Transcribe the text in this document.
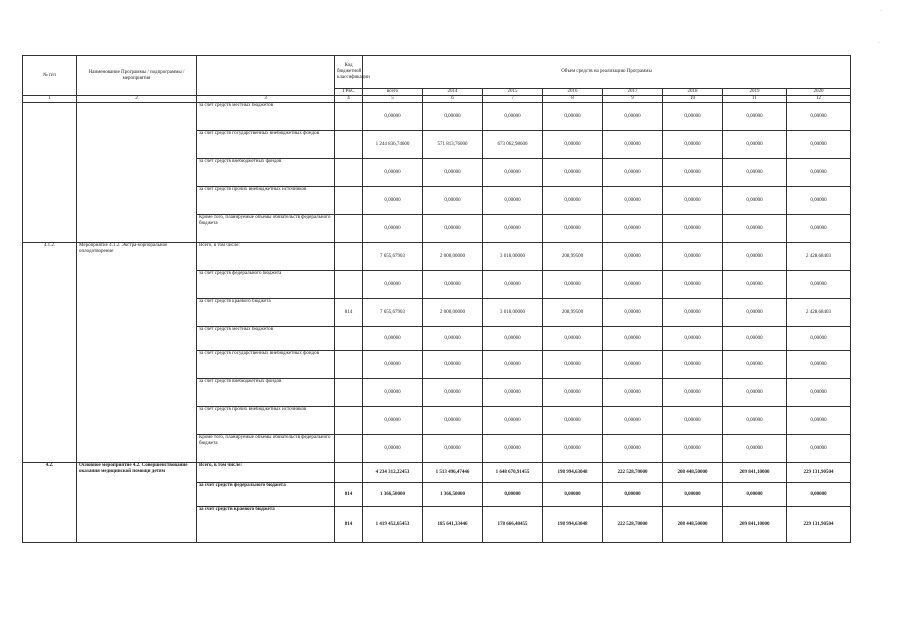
№ п/п	Наименование Программы / подпрограммы / мероприятия		Код бюджетной классификации	Объем средств на реализацию Программы							
			ГРБС	всего	2014	2015	2016	2017	2018	2019	2020
1	2	3	4	5	6	7	8	9	10	11	12
		за счет средств местных бюджетов		0,00000	0,00000	0,00000	0,00000	0,00000	0,00000	0,00000	0,00000
		за счет средств государственных внебюджетных фондов		1 244 836,74600	571 813,76000	673 062,98600	0,00000	0,00000	0,00000	0,00000	0,00000
		за счет средств внебюджетных фондов		0,00000	0,00000	0,00000	0,00000	0,00000	0,00000	0,00000	0,00000
		за счет средств прочих внебюджетных источников		0,00000	0,00000	0,00000	0,00000	0,00000	0,00000	0,00000	0,00000
		Кроме того, планируемые объемы обязательств федерального бюджета		0,00000	0,00000	0,00000	0,00000	0,00000	0,00000	0,00000	0,00000
4.1.2.	Мероприятие 4.1.2. Экстра-корпоральное оплодотворение	Всего, в том числе:		7 655,67903	2 000,00000	3 018,00000	208,99500	0,00000	0,00000	0,00000	2 428,68403
		за счет средств федерального бюджета		0,00000	0,00000	0,00000	0,00000	0,00000	0,00000	0,00000	0,00000
		за счет средств краевого бюджета	814	7 655,67903	2 000,00000	3 018,00000	208,99500	0,00000	0,00000	0,00000	2 428,68403
		за счет средств местных бюджетов		0,00000	0,00000	0,00000	0,00000	0,00000	0,00000	0,00000	0,00000
		за счет средств государственных внебюджетных фондов		0,00000	0,00000	0,00000	0,00000	0,00000	0,00000	0,00000	0,00000
		за счет средств внебюджетных фондов		0,00000	0,00000	0,00000	0,00000	0,00000	0,00000	0,00000	0,00000
		за счет средств прочих внебюджетных источников		0,00000	0,00000	0,00000	0,00000	0,00000	0,00000	0,00000	0,00000
		Кроме того, планируемые объемы обязательств федерального бюджета		0,00000	0,00000	0,00000	0,00000	0,00000	0,00000	0,00000	0,00000
4.2.	Основное мероприятие 4.2. Совершенствование оказания медицинской помощи детям	Всего, в том числе:		4 234 312,22453	1 513 496,47446	1 648 670,91455	198 994,63048	222 528,70000	208 448,50000	209 841,10000	229 131,90504
		за счет средств федерального бюджета	814	1 366,50000	1 366,50000	0,00000	0,00000	0,00000	0,00000	0,00000	0,00000
		за счет средств краевого бюджета	814	1 419 452,65453	185 641,33446	178 666,48455	198 994,63048	222 528,70000	208 448,50000	209 841,10000	229 131,90504
·
·
